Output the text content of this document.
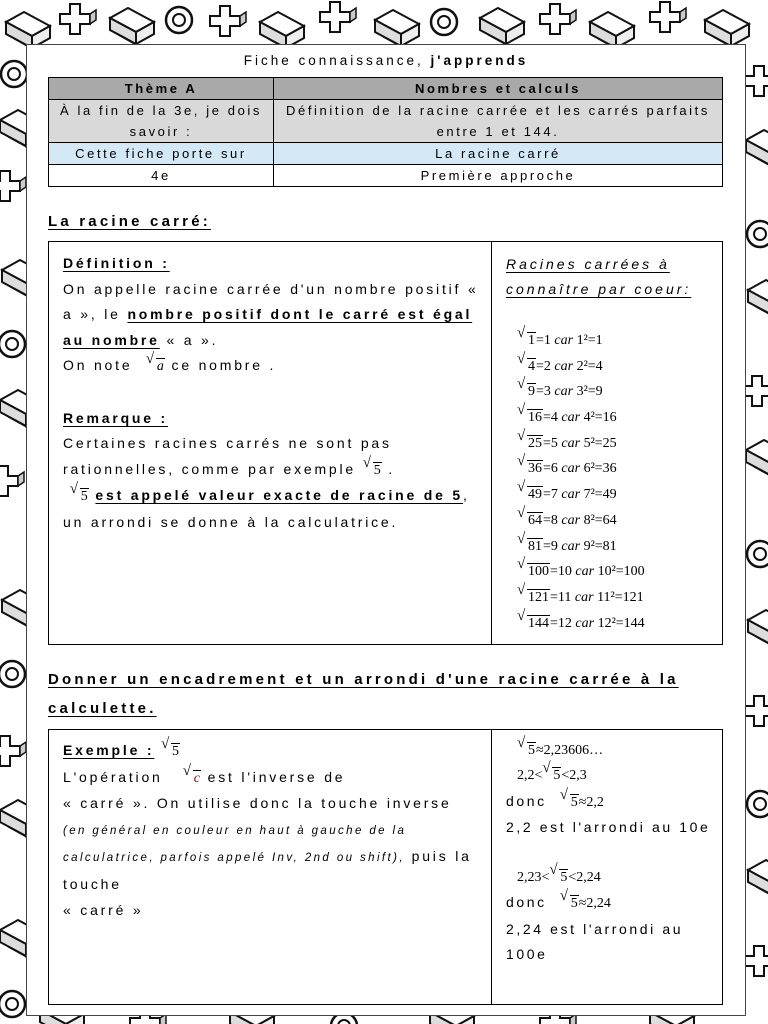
Fiche connaissance, j'apprends
Thème A	Nombres et calculs
À la fin de la 3e, je dois savoir :	Définition de la racine carrée et les carrés parfaits entre 1 et 144.
Cette fiche porte sur	La racine carré
4e	Première approche
La racine carré:
Définition :
On appelle racine carrée d'un nombre positif « a », le nombre positif dont le carré est égal au nombre « a ».
On note √ a ce nombre .

Remarque :
Certaines racines carrés ne sont pas rationnelles, comme par exemple √ 5 .

√ 5 est appelé valeur exacte de racine de 5, un arrondi se donne à la calculatrice.
Racines carrées à connaître par coeur:
√ 1=1 car 1²=1
√ 4=2 car 2²=4
√ 9=3 car 3²=9
√ 16=4 car 4²=16
√ 25=5 car 5²=25
√ 36=6 car 6²=36
√ 49=7 car 7²=49
√ 64=8 car 8²=64
√ 81=9 car 9²=81
√ 100=10 car 10²=100
√ 121=11 car 11²=121
√ 144=12 car 12²=144
Donner un encadrement et un arrondi d'une racine carrée à la calculette.
Exemple : √ 5
L'opération √ c est l'inverse de
« carré ». On utilise donc la touche inverse (en général en couleur en haut à gauche de la calculatrice, parfois appelé Inv, 2nd ou shift), puis la touche
« carré »
√ 5≈2,23606…
2,2< √ 5<2,3
donc √ 5≈2,2
2,2 est l'arrondi au 10e
2,23< √ 5<2,24
donc √ 5≈2,24
2,24 est l'arrondi au 100e
